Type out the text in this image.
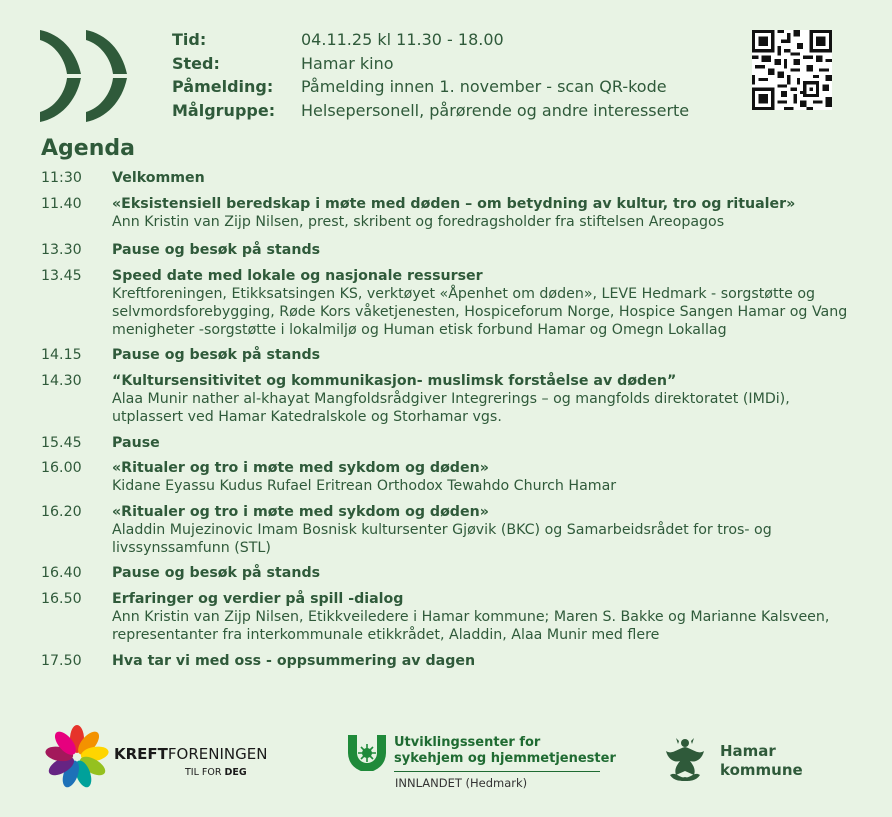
Tid:	04.11.25 kl 11.30 - 18.00
Sted:	Hamar kino
Påmelding:	Påmelding innen 1. november - scan QR-kode
Målgruppe:	Helsepersonell, pårørende og andre interesserte
Agenda
11:30	Velkommen
11.40	«Eksistensiell beredskap i møte med døden – om betydning av kultur, tro og ritualer»
Ann Kristin van Zijp Nilsen, prest, skribent og foredragsholder fra stiftelsen Areopagos
13.30	Pause og besøk på stands
13.45	Speed date med lokale og nasjonale ressurser
Kreftforeningen, Etikksatsingen KS, verktøyet «Åpenhet om døden», LEVE Hedmark - sorgstøtte og selvmordsforebygging, Røde Kors våketjenesten, Hospiceforum Norge, Hospice Sangen Hamar og Vang menigheter -sorgstøtte i lokalmiljø og Human etisk forbund Hamar og Omegn Lokallag
14.15	Pause og besøk på stands
14.30	“Kultursensitivitet og kommunikasjon- muslimsk forståelse av døden”
Alaa Munir nather al-khayat Mangfoldsrådgiver Integrerings – og mangfolds direktoratet (IMDi), utplassert ved Hamar Katedralskole og Storhamar vgs.
15.45	Pause
16.00	«Ritualer og tro i møte med sykdom og døden»
Kidane Eyassu Kudus Rufael Eritrean Orthodox Tewahdo Church Hamar
16.20	«Ritualer og tro i møte med sykdom og døden»
Aladdin Mujezinovic Imam Bosnisk kultursenter Gjøvik (BKC) og Samarbeidsrådet for tros- og livssynssamfunn (STL)
16.40	Pause og besøk på stands
16.50	Erfaringer og verdier på spill -dialog
Ann Kristin van Zijp Nilsen, Etikkveiledere i Hamar kommune; Maren S. Bakke og Marianne Kalsveen, representanter fra interkommunale etikkrådet, Aladdin, Alaa Munir med flere
17.50	Hva tar vi med oss - oppsummering av dagen
KREFTFORENINGEN
TIL FOR DEG
Utviklingssenter for
sykehjem og hjemmetjenester
INNLANDET (Hedmark)
Hamar
kommune
